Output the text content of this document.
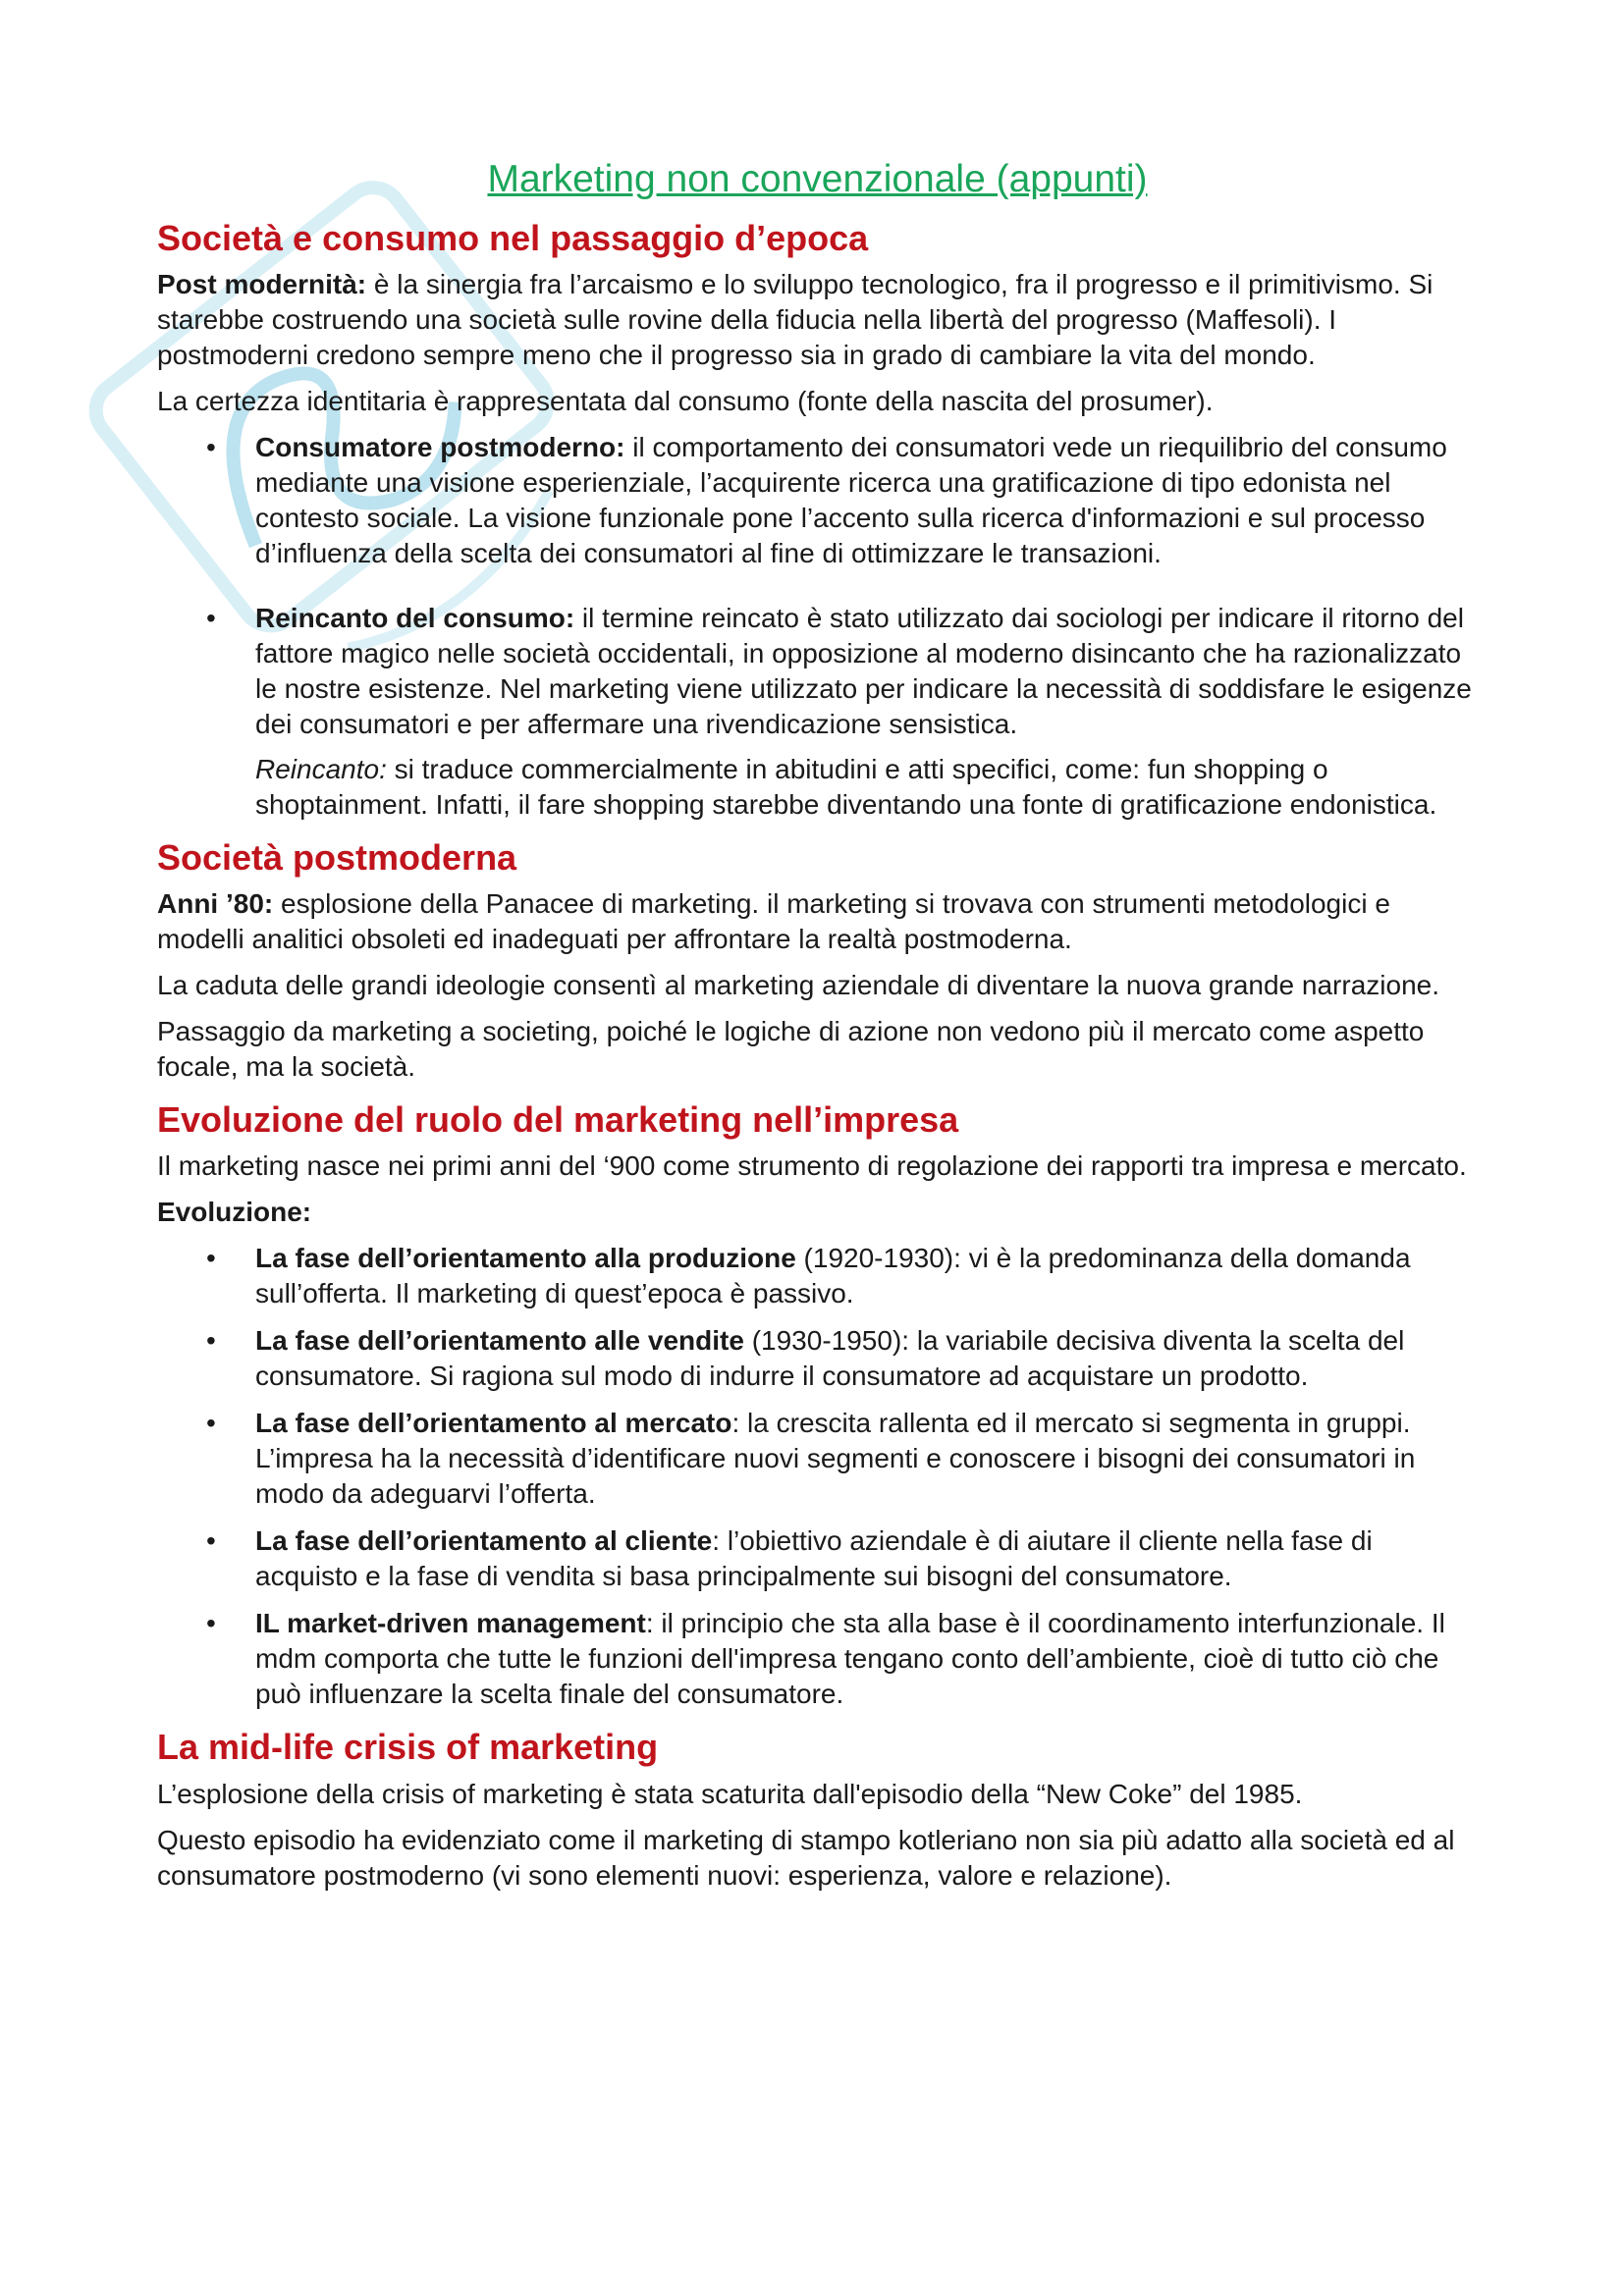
Marketing non convenzionale (appunti)
Società e consumo nel passaggio d’epoca

Post modernità: è la sinergia fra l’arcaismo e lo sviluppo tecnologico, fra il progresso e il primitivismo. Si starebbe costruendo una società sulle rovine della fiducia nella libertà del progresso (Maffesoli). I postmoderni credono sempre meno che il progresso sia in grado di cambiare la vita del mondo.

La certezza identitaria è rappresentata dal consumo (fonte della nascita del prosumer).

• Consumatore postmoderno: il comportamento dei consumatori vede un riequilibrio del consumo mediante una visione esperienziale, l’acquirente ricerca una gratificazione di tipo edonista nel contesto sociale. La visione funzionale pone l’accento sulla ricerca d'informazioni e sul processo d’influenza della scelta dei consumatori al fine di ottimizzare le transazioni.
• Reincanto del consumo: il termine reincato è stato utilizzato dai sociologi per indicare il ritorno del fattore magico nelle società occidentali, in opposizione al moderno disincanto che ha razionalizzato le nostre esistenze. Nel marketing viene utilizzato per indicare la necessità di soddisfare le esigenze dei consumatori e per affermare una rivendicazione sensistica.
Reincanto: si traduce commercialmente in abitudini e atti specifici, come: fun shopping o shoptainment. Infatti, il fare shopping starebbe diventando una fonte di gratificazione endonistica.
Società postmoderna

Anni ’80: esplosione della Panacee di marketing. il marketing si trovava con strumenti metodologici e modelli analitici obsoleti ed inadeguati per affrontare la realtà postmoderna.

La caduta delle grandi ideologie consentì al marketing aziendale di diventare la nuova grande narrazione.

Passaggio da marketing a societing, poiché le logiche di azione non vedono più il mercato come aspetto focale, ma la società.

Evoluzione del ruolo del marketing nell’impresa

Il marketing nasce nei primi anni del ‘900 come strumento di regolazione dei rapporti tra impresa e mercato.

Evoluzione:

• La fase dell’orientamento alla produzione (1920-1930): vi è la predominanza della domanda sull’offerta. Il marketing di quest’epoca è passivo.
• La fase dell’orientamento alle vendite (1930-1950): la variabile decisiva diventa la scelta del consumatore. Si ragiona sul modo di indurre il consumatore ad acquistare un prodotto.
• La fase dell’orientamento al mercato: la crescita rallenta ed il mercato si segmenta in gruppi. L’impresa ha la necessità d’identificare nuovi segmenti e conoscere i bisogni dei consumatori in modo da adeguarvi l’offerta.
• La fase dell’orientamento al cliente: l’obiettivo aziendale è di aiutare il cliente nella fase di acquisto e la fase di vendita si basa principalmente sui bisogni del consumatore.
• IL market-driven management: il principio che sta alla base è il coordinamento interfunzionale. Il mdm comporta che tutte le funzioni dell'impresa tengano conto dell’ambiente, cioè di tutto ciò che può influenzare la scelta finale del consumatore.
La mid-life crisis of marketing

L’esplosione della crisis of marketing è stata scaturita dall'episodio della “New Coke” del 1985.

Questo episodio ha evidenziato come il marketing di stampo kotleriano non sia più adatto alla società ed al consumatore postmoderno (vi sono elementi nuovi: esperienza, valore e relazione).
